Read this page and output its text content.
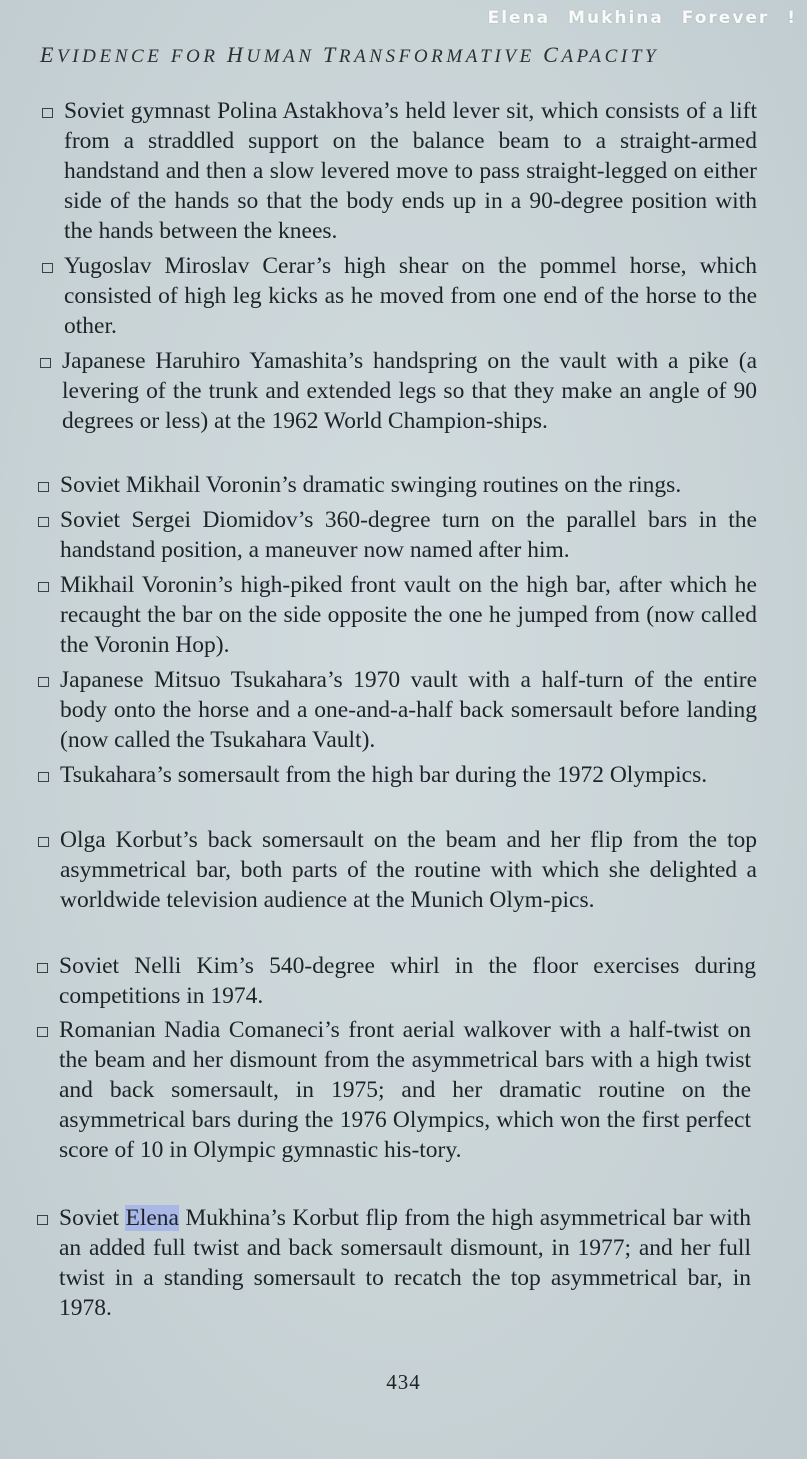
Elena Mukhina Forever !
EVIDENCE FOR HUMAN TRANSFORMATIVE CAPACITY
Soviet gymnast Polina Astakhova’s held lever sit, which consists of a lift from a straddled support on the balance beam to a straight-armed handstand and then a slow levered move to pass straight-legged on either side of the hands so that the body ends up in a 90-degree position with the hands between the knees.
Yugoslav Miroslav Cerar’s high shear on the pommel horse, which consisted of high leg kicks as he moved from one end of the horse to the other.
Japanese Haruhiro Yamashita’s handspring on the vault with a pike (a levering of the trunk and extended legs so that they make an angle of 90 degrees or less) at the 1962 World Champion-ships.
Soviet Mikhail Voronin’s dramatic swinging routines on the rings.
Soviet Sergei Diomidov’s 360-degree turn on the parallel bars in the handstand position, a maneuver now named after him.
Mikhail Voronin’s high-piked front vault on the high bar, after which he recaught the bar on the side opposite the one he jumped from (now called the Voronin Hop).
Japanese Mitsuo Tsukahara’s 1970 vault with a half-turn of the entire body onto the horse and a one-and-a-half back somersault before landing (now called the Tsukahara Vault).
Tsukahara’s somersault from the high bar during the 1972 Olympics.
Olga Korbut’s back somersault on the beam and her flip from the top asymmetrical bar, both parts of the routine with which she delighted a worldwide television audience at the Munich Olym-pics.
Soviet Nelli Kim’s 540-degree whirl in the floor exercises during competitions in 1974.
Romanian Nadia Comaneci’s front aerial walkover with a half-twist on the beam and her dismount from the asymmetrical bars with a high twist and back somersault, in 1975; and her dramatic routine on the asymmetrical bars during the 1976 Olympics, which won the first perfect score of 10 in Olympic gymnastic his-tory.
Soviet Elena Mukhina’s Korbut flip from the high asymmetrical bar with an added full twist and back somersault dismount, in 1977; and her full twist in a standing somersault to recatch the top asymmetrical bar, in 1978.
434
